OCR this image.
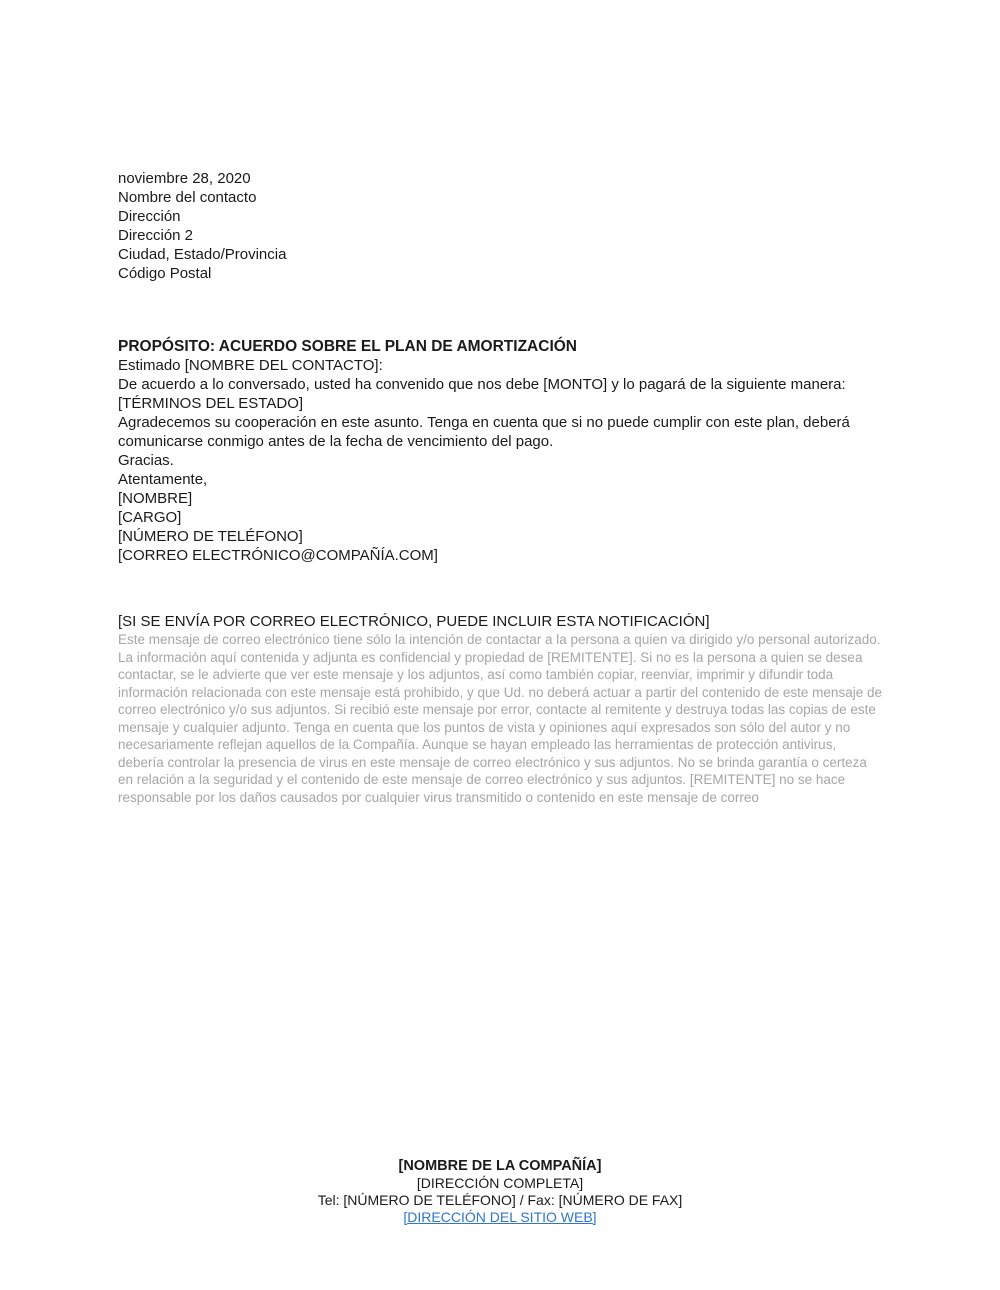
noviembre 28, 2020

Nombre del contacto

Dirección

Dirección 2

Ciudad, Estado/Provincia

Código Postal

PROPÓSITO: ACUERDO SOBRE EL PLAN DE AMORTIZACIÓN

Estimado [NOMBRE DEL CONTACTO]:

De acuerdo a lo conversado, usted ha convenido que nos debe [MONTO] y lo pagará de la siguiente manera:

[TÉRMINOS DEL ESTADO]

Agradecemos su cooperación en este asunto. Tenga en cuenta que si no puede cumplir con este plan, deberá comunicarse conmigo antes de la fecha de vencimiento del pago.

Gracias.

Atentamente,

[NOMBRE]

[CARGO]

[NÚMERO DE TELÉFONO]

[CORREO ELECTRÓNICO@COMPAÑÍA.COM]

[SI SE ENVÍA POR CORREO ELECTRÓNICO, PUEDE INCLUIR ESTA NOTIFICACIÓN]

Este mensaje de correo electrónico tiene sólo la intención de contactar a la persona a quien va dirigido y/o personal autorizado. La información aquí contenida y adjunta es confidencial y propiedad de [REMITENTE]. Si no es la persona a quien se desea contactar, se le advierte que ver este mensaje y los adjuntos, así como también copiar, reenviar, imprimir y difundir toda información relacionada con este mensaje está prohibido, y que Ud. no deberá actuar a partir del contenido de este mensaje de correo electrónico y/o sus adjuntos. Si recibió este mensaje por error, contacte al remitente y destruya todas las copias de este mensaje y cualquier adjunto. Tenga en cuenta que los puntos de vista y opiniones aquí expresados son sólo del autor y no necesariamente reflejan aquellos de la Compañía. Aunque se hayan empleado las herramientas de protección antivirus, debería controlar la presencia de virus en este mensaje de correo electrónico y sus adjuntos. No se brinda garantía o certeza en relación a la seguridad y el contenido de este mensaje de correo electrónico y sus adjuntos. [REMITENTE] no se hace responsable por los daños causados por cualquier virus transmitido o contenido en este mensaje de correo

[NOMBRE DE LA COMPAÑÍA]

[DIRECCIÓN COMPLETA]

Tel: [NÚMERO DE TELÉFONO] / Fax: [NÚMERO DE FAX]

[DIRECCIÓN DEL SITIO WEB]
